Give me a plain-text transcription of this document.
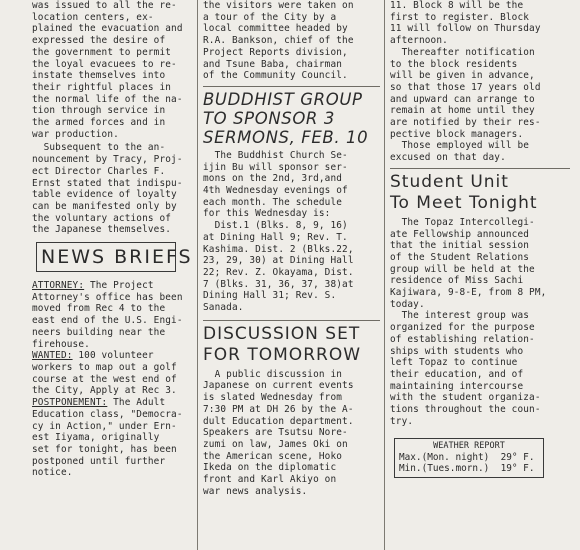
was issued to all the re-
location centers, ex-
plained the evacuation and
expressed the desire of
the government to permit
the loyal evacuees to re-
instate themselves into
their rightful places in
the normal life of the na-
tion through service in
the armed forces and in
war production.
Subsequent to the an-
nouncement by Tracy, Proj-
ect Director Charles F.
Ernst stated that indispu-
table evidence of loyalty
can be manifested only by
the voluntary actions of
the Japanese themselves.
NEWS BRIEFS
ATTORNEY: The Project
Attorney's office has been
moved from Rec 4 to the
east end of the U.S. Engi-
neers building near the
firehouse.
WANTED: 100 volunteer
workers to map out a golf
course at the west end of
the City, Apply at Rec 3.
POSTPONEMENT: The Adult
Education class, "Democra-
cy in Action," under Ern-
est Iiyama, originally
set for tonight, has been
postponed until further
notice.
the visitors were taken on
a tour of the City by a
local committee headed by
R.A. Bankson, chief of the
Project Reports division,
and Tsune Baba, chairman
of the Community Council.
BUDDHIST GROUP
TO SPONSOR 3
SERMONS, FEB. 10
The Buddhist Church Se-
ijin Bu will sponsor ser-
mons on the 2nd, 3rd,and
4th Wednesday evenings of
each month. The schedule
for this Wednesday is:
Dist.1 (Blks. 8, 9, 16)
at Dining Hall 9; Rev. T.
Kashima. Dist. 2 (Blks.22,
23, 29, 30) at Dining Hall
22; Rev. Z. Okayama, Dist.
7 (Blks. 31, 36, 37, 38)at
Dining Hall 31; Rev. S.
Sanada.
DISCUSSION SET
FOR TOMORROW
A public discussion in
Japanese on current events
is slated Wednesday from
7:30 PM at DH 26 by the A-
dult Education department.
Speakers are Tsutsu Nore-
zumi on law, James Oki on
the American scene, Hoko
Ikeda on the diplomatic
front and Karl Akiyo on
war news analysis.
11. Block 8 will be the
first to register. Block
11 will follow on Thursday
afternoon.
Thereafter notification
to the block residents
will be given in advance,
so that those 17 years old
and upward can arrange to
remain at home until they
are notified by their res-
pective block managers.
Those employed will be
excused on that day.
Student Unit
To Meet Tonight
The Topaz Intercollegi-
ate Fellowship announced
that the initial session
of the Student Relations
group will be held at the
residence of Miss Sachi
Kajiwara, 9-8-E, from 8 PM,
today.
The interest group was
organized for the purpose
of establishing relation-
ships with students who
left Topaz to continue
their education, and of
maintaining intercourse
with the student organiza-
tions throughout the coun-
try.
WEATHER REPORT
Max.(Mon. night)  29° F.
Min.(Tues.morn.)  19° F.
